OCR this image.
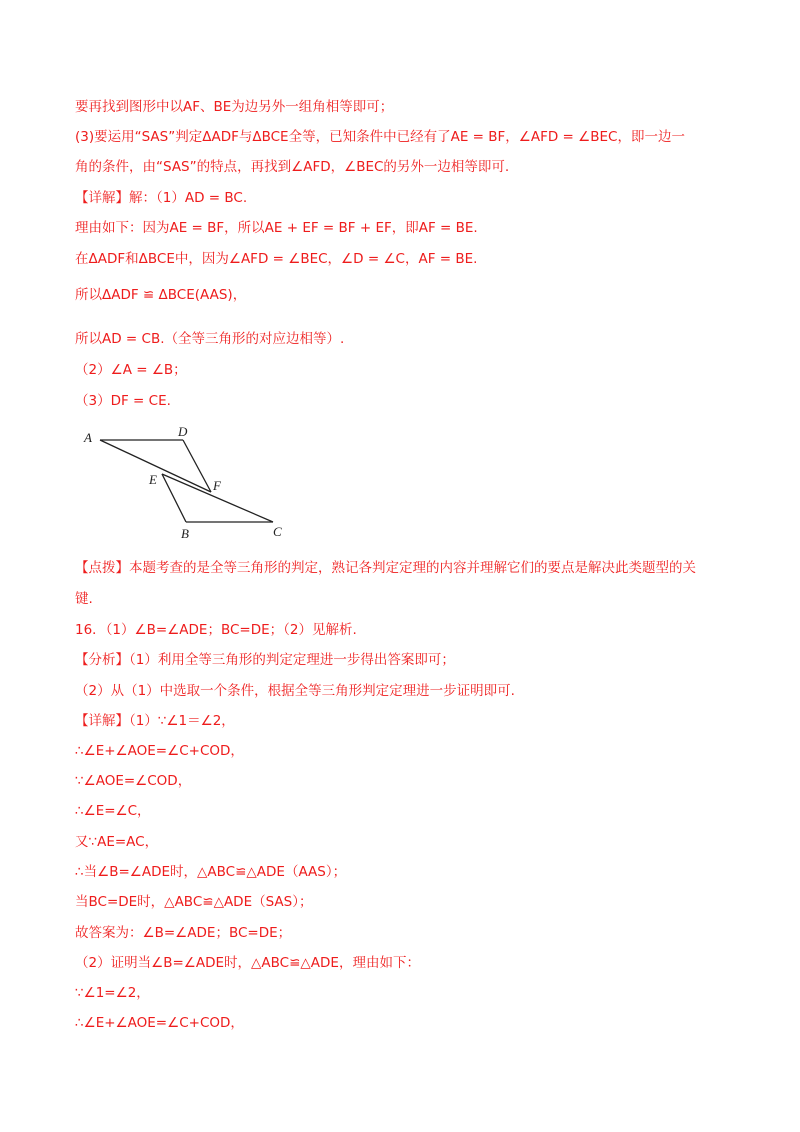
要再找到图形中以AF、BE为边另外一组角相等即可；

(3)要运用“SAS”判定ΔADF与ΔBCE全等，已知条件中已经有了AE = BF，∠AFD = ∠BEC，即一边一

角的条件，由“SAS”的特点，再找到∠AFD，∠BEC的另外一边相等即可.

【详解】解：（1）AD = BC.

理由如下：因为AE = BF，所以AE + EF = BF + EF，即AF = BE.

在ΔADF和ΔBCE中，因为∠AFD = ∠BEC，∠D = ∠C，AF = BE.

所以ΔADF ≌ ΔBCE(AAS)，

所以AD = CB.（全等三角形的对应边相等）.

（2）∠A = ∠B；

（3）DF = CE.

A	D
E	F
B	C

【点拨】本题考查的是全等三角形的判定，熟记各判定定理的内容并理解它们的要点是解决此类题型的关

键.

16．（1）∠B=∠ADE；BC=DE；（2）见解析.

【分析】（1）利用全等三角形的判定定理进一步得出答案即可；

（2）从（1）中选取一个条件，根据全等三角形判定定理进一步证明即可.

【详解】（1）∵∠1＝∠2，

∴∠E+∠AOE=∠C+COD，

∵∠AOE=∠COD，

∴∠E=∠C，

又∵AE=AC，

∴当∠B=∠ADE时，△ABC≌△ADE（AAS）；

当BC=DE时，△ABC≌△ADE（SAS）；

故答案为：∠B=∠ADE；BC=DE；

（2）证明当∠B=∠ADE时，△ABC≌△ADE，理由如下：

∵∠1=∠2，

∴∠E+∠AOE=∠C+COD，
